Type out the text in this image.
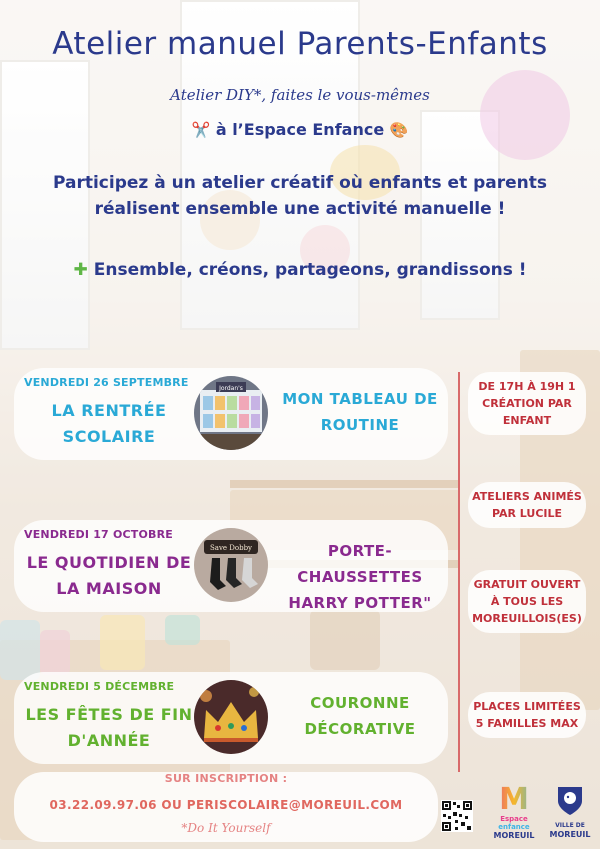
Atelier manuel Parents-Enfants
Atelier DIY*, faites le vous-mêmes
✂️ à l’Espace Enfance 🎨
Participez à un atelier créatif où enfants et parents réalisent ensemble une activité manuelle !
✚ Ensemble, créons, partageons, grandissons !
VENDREDI 26 SEPTEMBRE
LA RENTRÉE SCOLAIRE
Jordan's
MON TABLEAU DE ROUTINE
VENDREDI 17 OCTOBRE
LE QUOTIDIEN DE LA MAISON
Save Dobby	PORTE-CHAUSSETTES HARRY POTTER"
VENDREDI 5 DÉCEMBRE
LES FÊTES DE FIN D'ANNÉE
COURONNE DÉCORATIVE
DE 17H À 19H 1 CRÉATION PAR ENFANT
ATELIERS ANIMÉS PAR LUCILE
GRATUIT OUVERT À TOUS LES MOREUILLOIS(ES)
PLACES LIMITÉES 5 FAMILLES MAX
SUR INSCRIPTION :
03.22.09.97.06 OU PERISCOLAIRE@MOREUIL.COM
*Do It Yourself
M
Espace
enfance
MOREUIL
VILLE DE
MOREUIL
